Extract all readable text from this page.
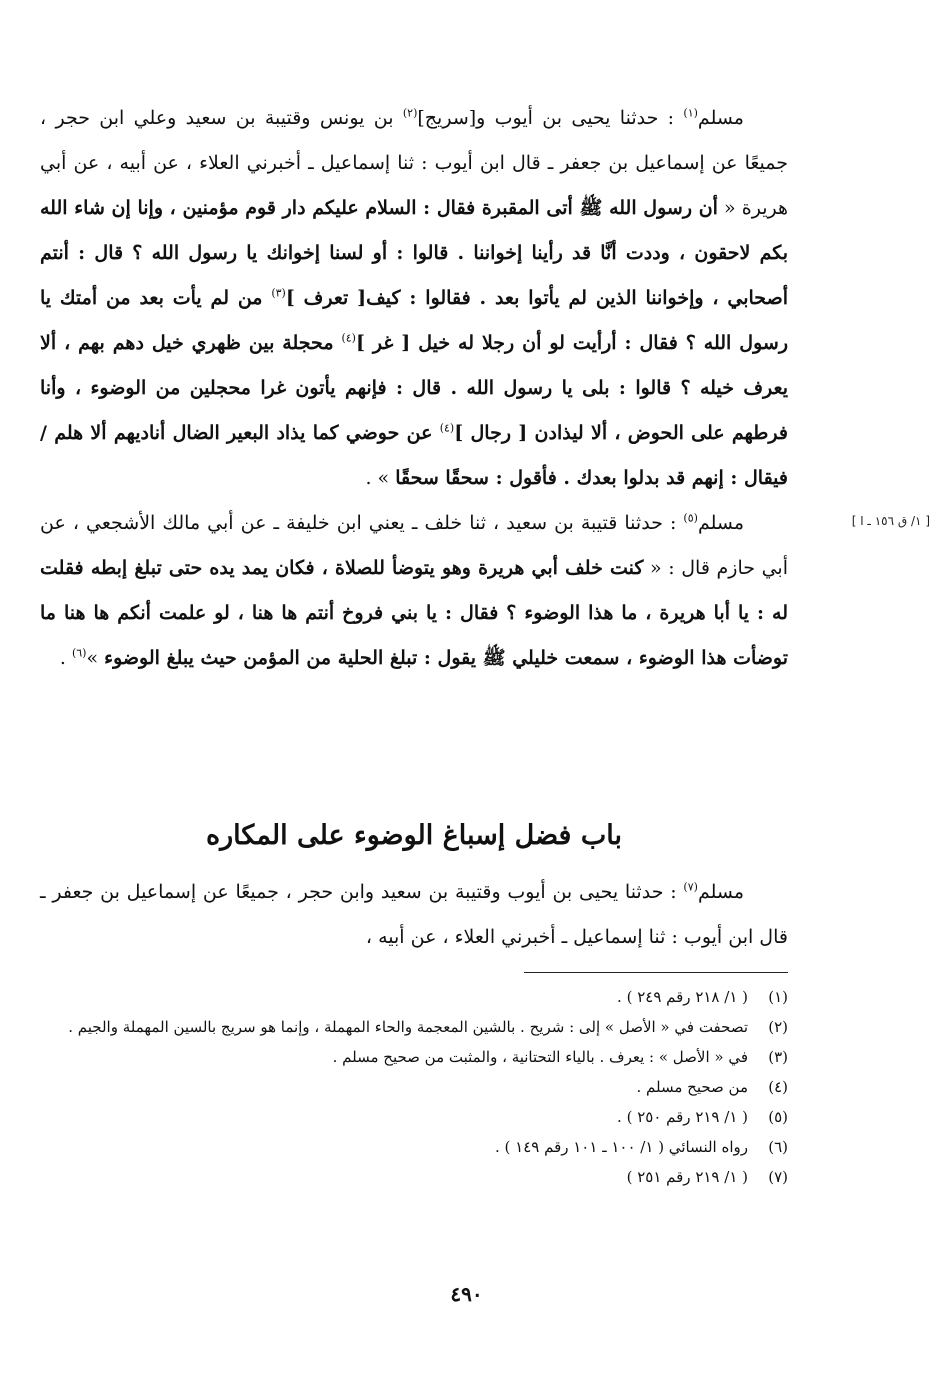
مسلم$^{(١)}$ : حدثنا يحيى بن أيوب و[سريج]$^{(٢)}$ بن يونس وقتيبة بن سعيد وعلي ابن حجر ، جميعًا عن إسماعيل بن جعفر ـ قال ابن أيوب : ثنا إسماعيل ـ أخبرني العلاء ، عن أبيه ، عن أبي هريرة « أن رسول الله ﷺ أتى المقبرة فقال : السلام عليكم دار قوم مؤمنين ، وإنا إن شاء الله بكم لاحقون ، وددت أنَّا قد رأينا إخواننا . قالوا : أو لسنا إخوانك يا رسول الله ؟ قال : أنتم أصحابي ، وإخواننا الذين لم يأتوا بعد . فقالوا : كيف[ تعرف ]$^{(٣)}$ من لم يأت بعد من أمتك يا رسول الله ؟ فقال : أرأيت لو أن رجلا له خيل [ غر ]$^{(٤)}$ محجلة بين ظهري خيل دهم بهم ، ألا يعرف خيله ؟ قالوا : بلى يا رسول الله . قال : فإنهم يأتون غرا محجلين من الوضوء ، وأنا فرطهم على الحوض ، ألا ليذادن [ رجال ]$^{(٤)}$ عن حوضي كما يذاد البعير الضال أناديهم ألا هلم / فيقال : إنهم قد بدلوا بعدك . فأقول : سحقًا سحقًا » .

مسلم$^{(٥)}$ : حدثنا قتيبة بن سعيد ، ثنا خلف ـ يعني ابن خليفة ـ عن أبي مالك الأشجعي ، عن أبي حازم قال : « كنت خلف أبي هريرة وهو يتوضأ للصلاة ، فكان يمد يده حتى تبلغ إبطه فقلت له : يا أبا هريرة ، ما هذا الوضوء ؟ فقال : يا بني فروخ أنتم ها هنا ، لو علمت أنكم ها هنا ما توضأت هذا الوضوء ، سمعت خليلي ﷺ يقول : تبلغ الحلية من المؤمن حيث يبلغ الوضوء »$^{(٦)}$ .

[ ١/ ق ١٥٦ ـ ا ]
باب فضل إسباغ الوضوء على المكاره

مسلم$^{(٧)}$ : حدثنا يحيى بن أيوب وقتيبة بن سعيد وابن حجر ، جميعًا عن إسماعيل بن جعفر ـ قال ابن أيوب : ثنا إسماعيل ـ أخبرني العلاء ، عن أبيه ،

(١)
( ١/ ٢١٨ رقم ٢٤٩ ) .
(٢)
تصحفت في « الأصل » إلى : شريح . بالشين المعجمة والحاء المهملة ، وإنما هو سريج بالسين المهملة والجيم .
(٣)
في « الأصل » : يعرف . بالياء التحتانية ، والمثبت من صحيح مسلم .
(٤)
من صحيح مسلم .
(٥)
( ١/ ٢١٩ رقم ٢٥٠ ) .
(٦)
رواه النسائي ( ١/ ١٠٠ ـ ١٠١ رقم ١٤٩ ) .
(٧)
( ١/ ٢١٩ رقم ٢٥١ )
٤٩٠
